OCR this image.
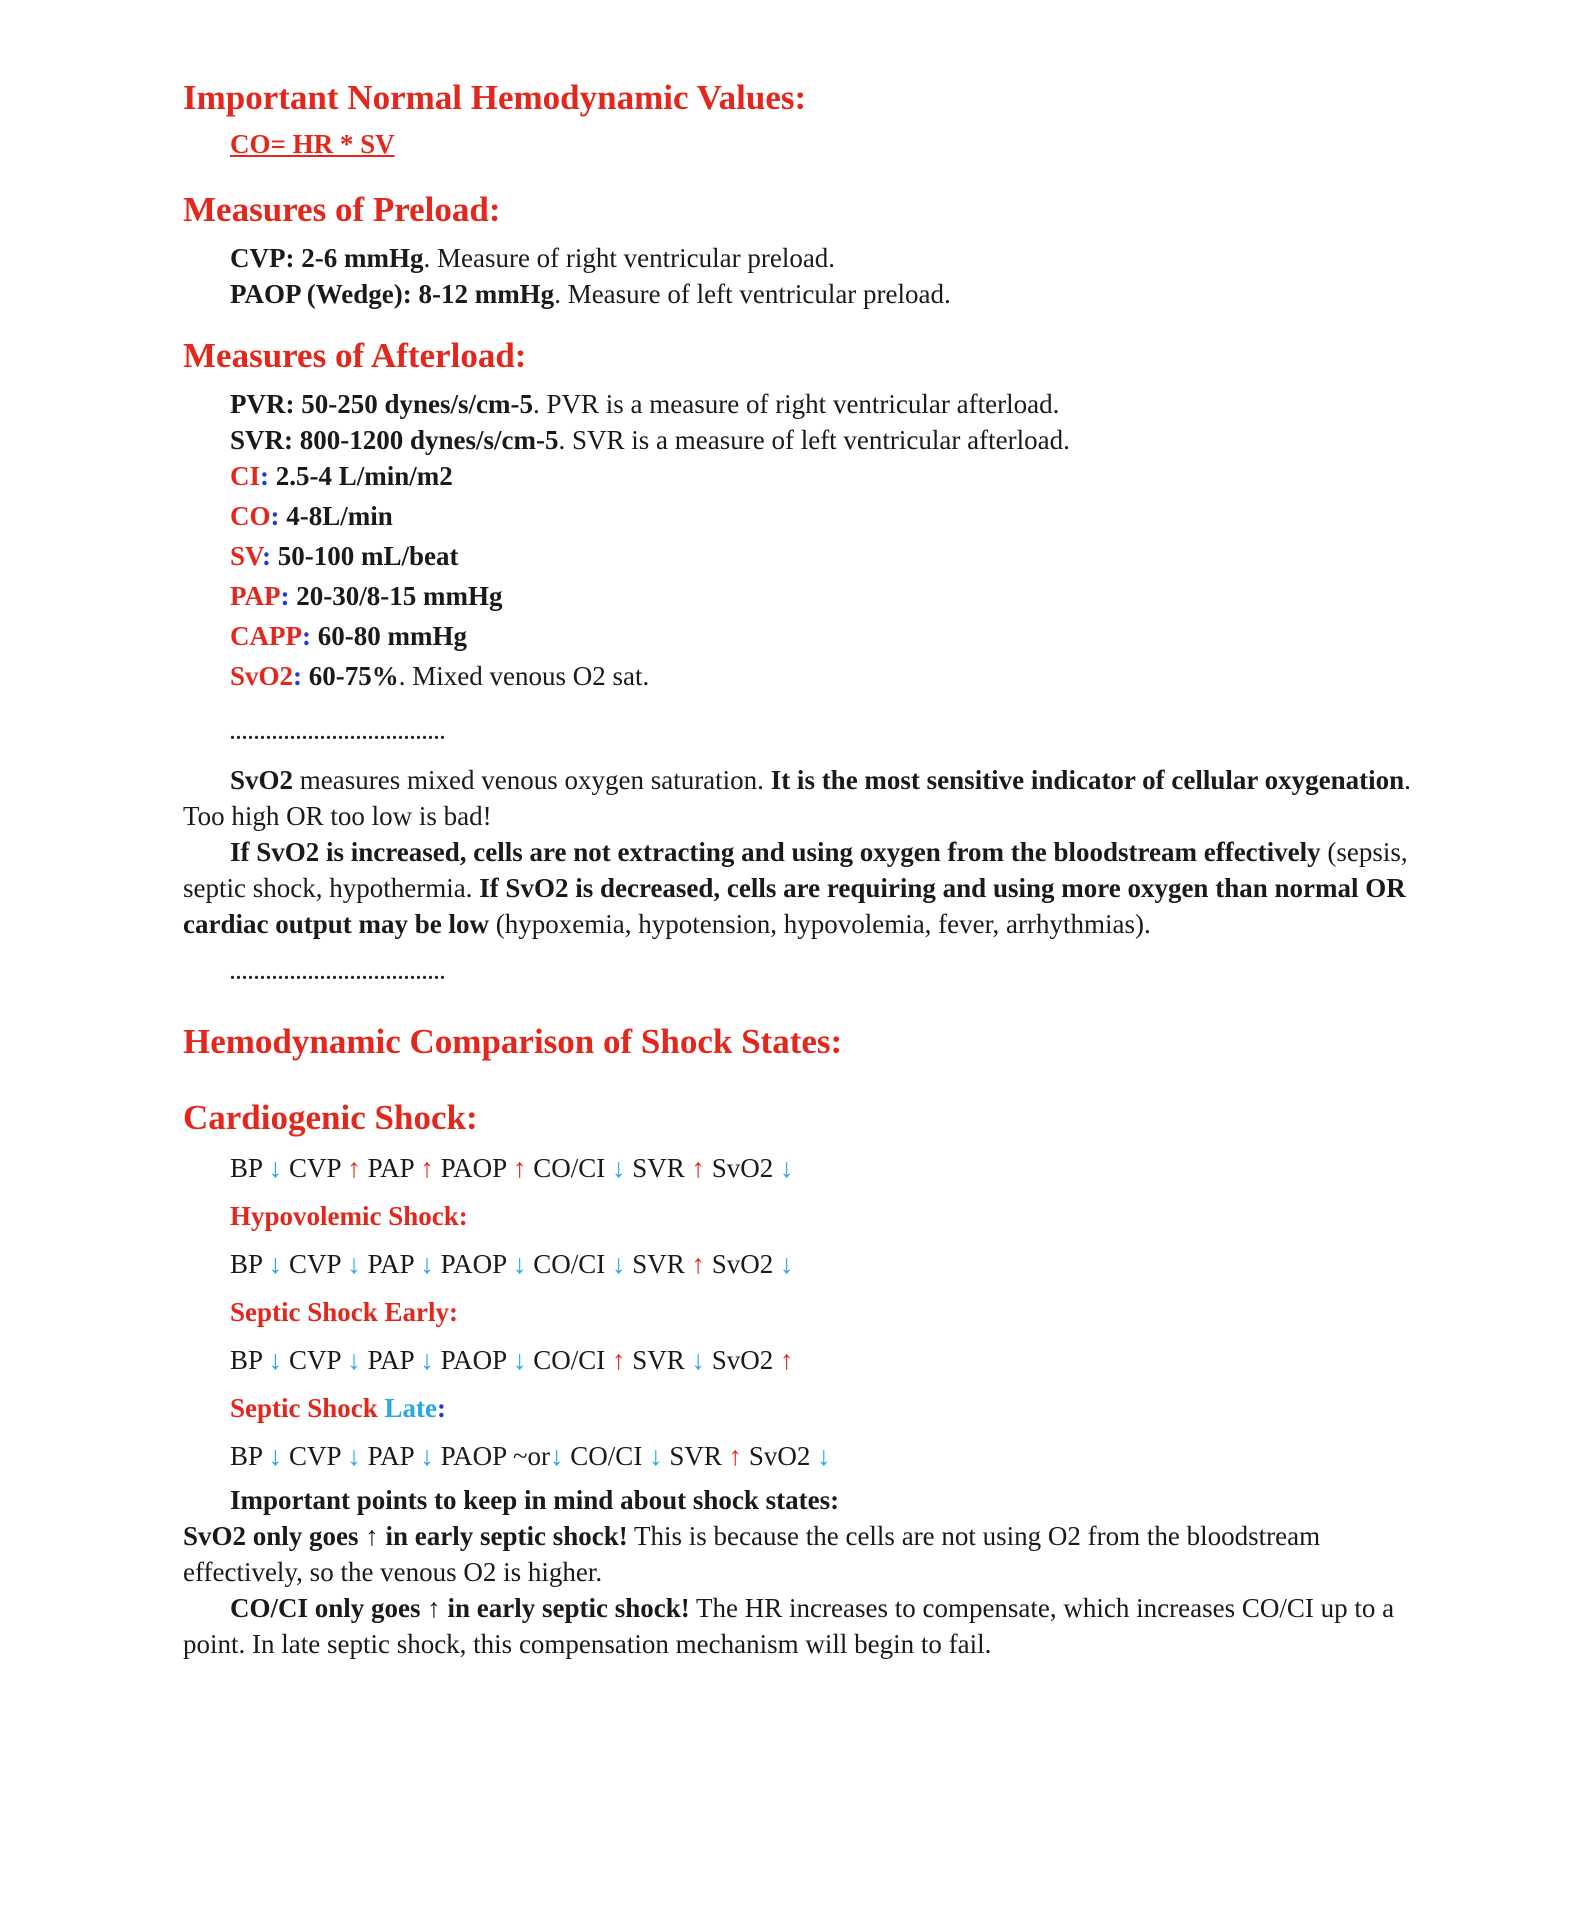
Important Normal Hemodynamic Values:

CO= HR * SV

Measures of Preload:

CVP: 2-6 mmHg. Measure of right ventricular preload.

PAOP (Wedge): 8-12 mmHg. Measure of left ventricular preload.

Measures of Afterload:

PVR: 50-250 dynes/s/cm-5. PVR is a measure of right ventricular afterload.

SVR: 800-1200 dynes/s/cm-5. SVR is a measure of left ventricular afterload.

CI: 2.5-4 L/min/m2

CO: 4-8L/min

SV: 50-100 mL/beat

PAP: 20-30/8-15 mmHg

CAPP: 60-80 mmHg

SvO2: 60-75%. Mixed venous O2 sat.

....................................

SvO2 measures mixed venous oxygen saturation. It is the most sensitive indicator of cellular oxygenation. Too high OR too low is bad!

If SvO2 is increased, cells are not extracting and using oxygen from the bloodstream effectively (sepsis, septic shock, hypothermia. If SvO2 is decreased, cells are requiring and using more oxygen than normal OR cardiac output may be low (hypoxemia, hypotension, hypovolemia, fever, arrhythmias).

....................................

Hemodynamic Comparison of Shock States:

Cardiogenic Shock:

BP ↓ CVP ↑ PAP ↑ PAOP ↑ CO/CI ↓ SVR ↑ SvO2 ↓

Hypovolemic Shock:

BP ↓ CVP ↓ PAP ↓ PAOP ↓ CO/CI ↓ SVR ↑ SvO2 ↓

Septic Shock Early:

BP ↓ CVP ↓ PAP ↓ PAOP ↓ CO/CI ↑ SVR ↓ SvO2 ↑

Septic Shock Late:

BP ↓ CVP ↓ PAP ↓ PAOP ~or↓ CO/CI ↓ SVR ↑ SvO2 ↓

Important points to keep in mind about shock states:

SvO2 only goes ↑ in early septic shock! This is because the cells are not using O2 from the bloodstream effectively, so the venous O2 is higher.

CO/CI only goes ↑ in early septic shock! The HR increases to compensate, which increases CO/CI up to a point. In late septic shock, this compensation mechanism will begin to fail.
